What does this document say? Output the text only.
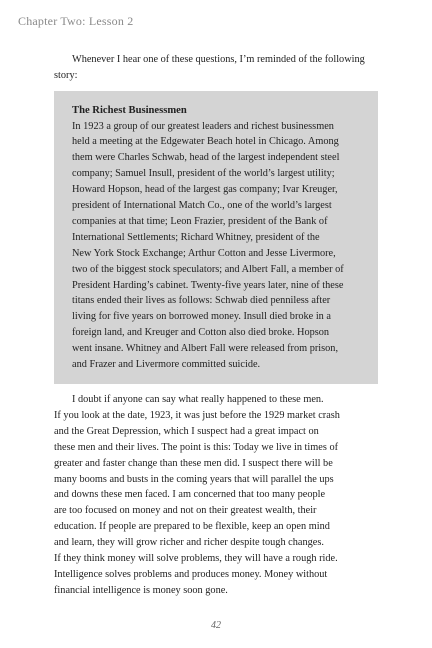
Chapter Two: Lesson 2

Whenever I hear one of these questions, I’m reminded of the following story:

The Richest Businessmen
In 1923 a group of our greatest leaders and richest businessmen
held a meeting at the Edgewater Beach hotel in Chicago. Among
them were Charles Schwab, head of the largest independent steel
company; Samuel Insull, president of the world’s largest utility;
Howard Hopson, head of the largest gas company; Ivar Kreuger,
president of International Match Co., one of the world’s largest
companies at that time; Leon Frazier, president of the Bank of
International Settlements; Richard Whitney, president of the
New York Stock Exchange; Arthur Cotton and Jesse Livermore,
two of the biggest stock speculators; and Albert Fall, a member of
President Harding’s cabinet. Twenty-five years later, nine of these
titans ended their lives as follows: Schwab died penniless after
living for five years on borrowed money. Insull died broke in a
foreign land, and Kreuger and Cotton also died broke. Hopson
went insane. Whitney and Albert Fall were released from prison,
and Frazer and Livermore committed suicide.
I doubt if anyone can say what really happened to these men.
If you look at the date, 1923, it was just before the 1929 market crash
and the Great Depression, which I suspect had a great impact on
these men and their lives. The point is this: Today we live in times of
greater and faster change than these men did. I suspect there will be
many booms and busts in the coming years that will parallel the ups
and downs these men faced. I am concerned that too many people
are too focused on money and not on their greatest wealth, their
education. If people are prepared to be flexible, keep an open mind
and learn, they will grow richer and richer despite tough changes.
If they think money will solve problems, they will have a rough ride.
Intelligence solves problems and produces money. Money without
financial intelligence is money soon gone.
42
